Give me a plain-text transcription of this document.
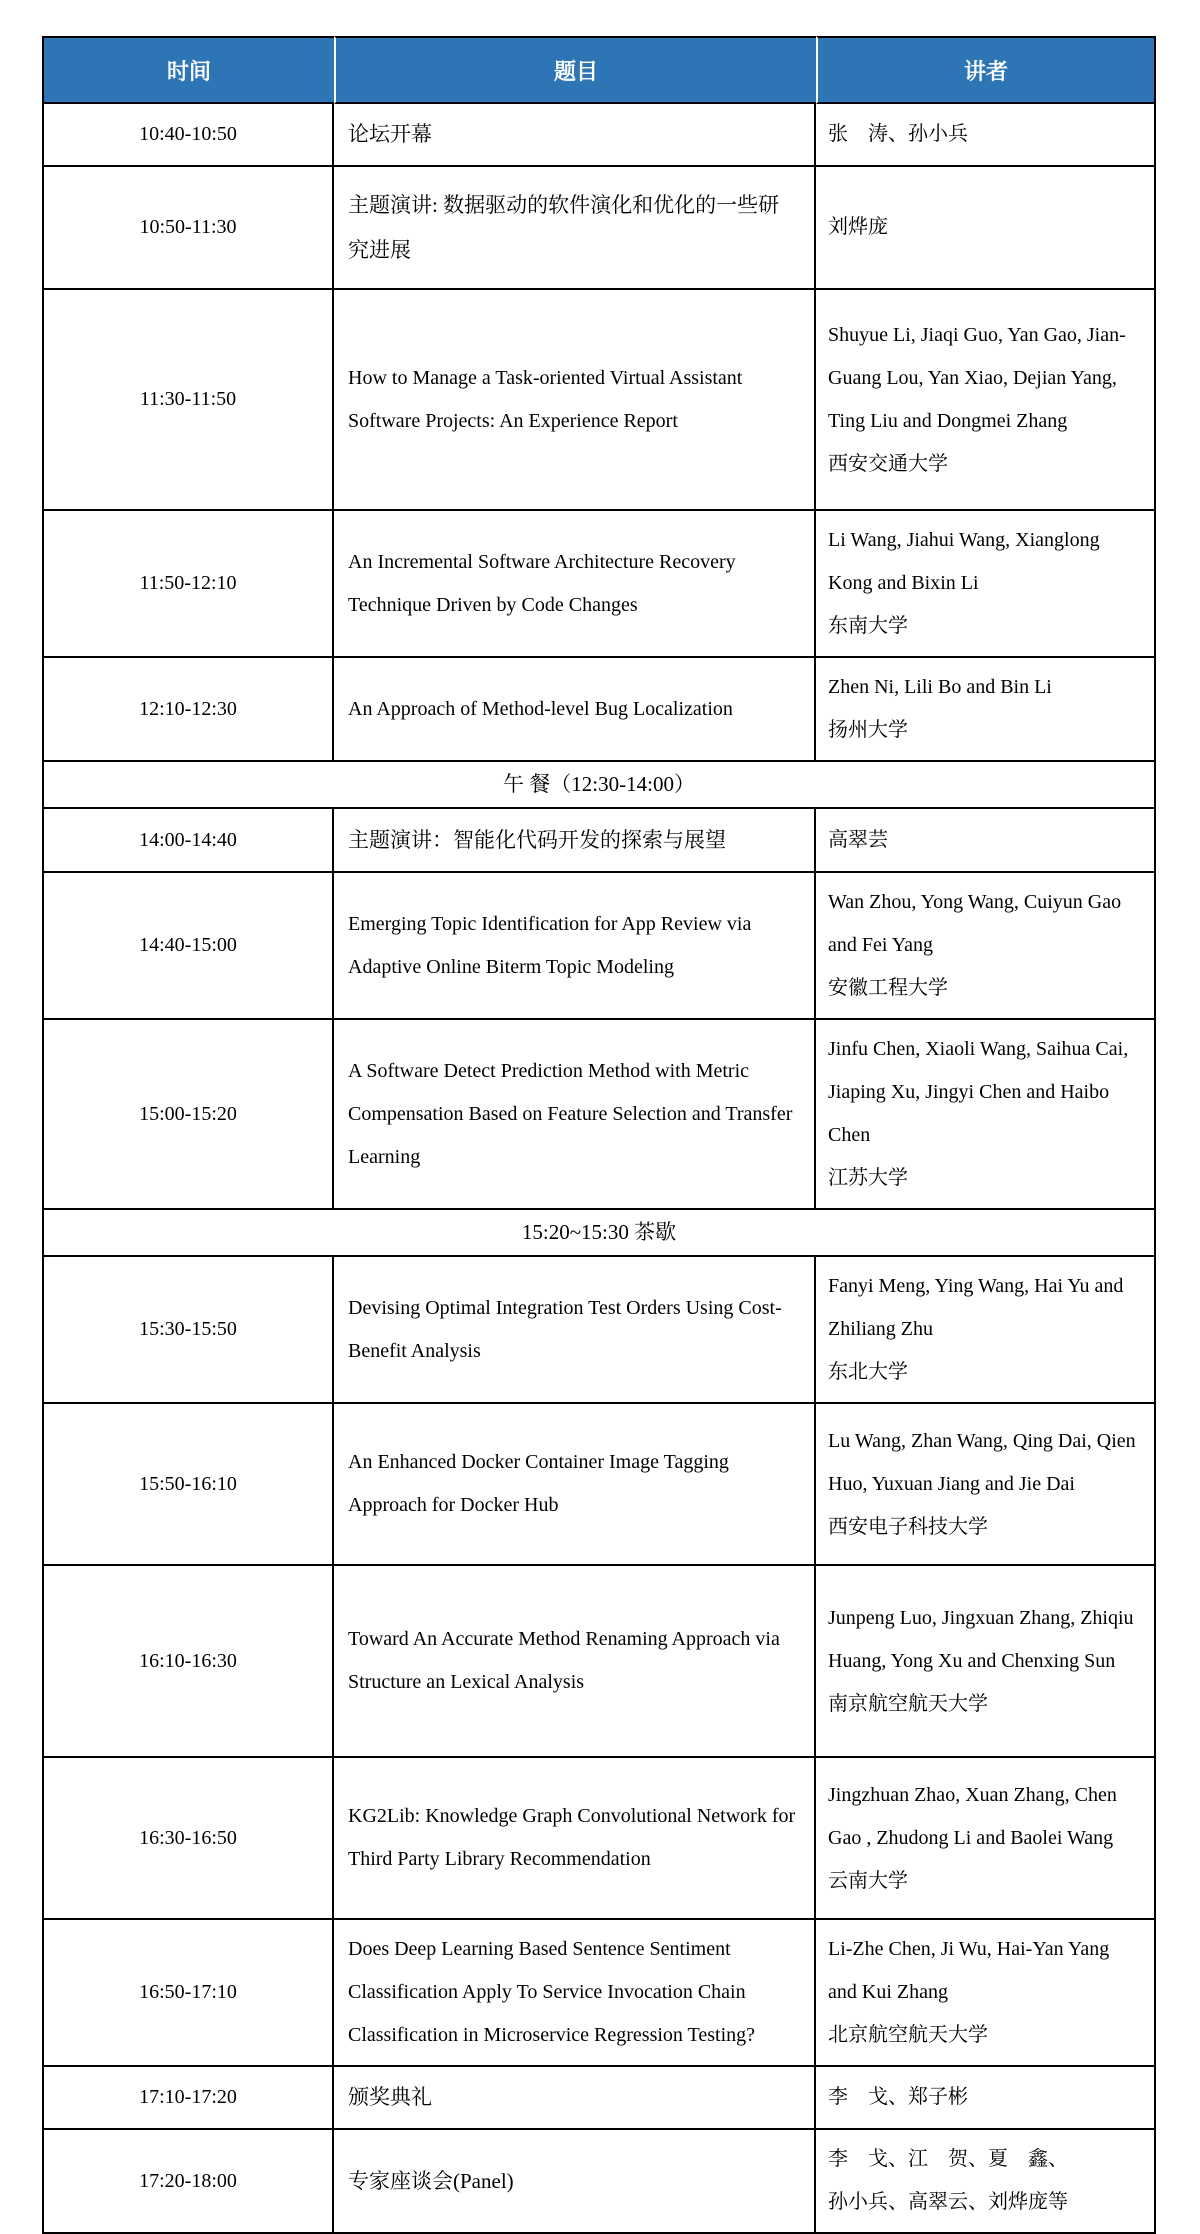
时间	题目	讲者
10:40-10:50	论坛开幕	张　涛、孙小兵

10:50-11:30	主题演讲: 数据驱动的软件演化和优化的一些研究进展	刘烨庞

11:30-11:50	How to Manage a Task-oriented Virtual Assistant Software Projects: An Experience Report	Shuyue Li, Jiaqi Guo, Yan Gao, Jian-Guang Lou, Yan Xiao, Dejian Yang, Ting Liu and Dongmei Zhang
西安交通大学

11:50-12:10	An Incremental Software Architecture Recovery Technique Driven by Code Changes	Li Wang, Jiahui Wang, Xianglong Kong and Bixin Li
东南大学

12:10-12:30	An Approach of Method-level Bug Localization	Zhen Ni, Lili Bo and Bin Li
扬州大学

午 餐（12:30-14:00）		
14:00-14:40	主题演讲：智能化代码开发的探索与展望	高翠芸

14:40-15:00	Emerging Topic Identification for App Review via Adaptive Online Biterm Topic Modeling	Wan Zhou, Yong Wang, Cuiyun Gao and Fei Yang
安徽工程大学

15:00-15:20	A Software Detect Prediction Method with Metric Compensation Based on Feature Selection and Transfer Learning	Jinfu Chen, Xiaoli Wang, Saihua Cai, Jiaping Xu, Jingyi Chen and Haibo Chen
江苏大学

15:20~15:30 茶歇		
15:30-15:50	Devising Optimal Integration Test Orders Using Cost-Benefit Analysis	Fanyi Meng, Ying Wang, Hai Yu and Zhiliang Zhu
东北大学

15:50-16:10	An Enhanced Docker Container Image Tagging Approach for Docker Hub	Lu Wang, Zhan Wang, Qing Dai, Qien Huo, Yuxuan Jiang and Jie Dai
西安电子科技大学

16:10-16:30	Toward An Accurate Method Renaming Approach via Structure an Lexical Analysis	Junpeng Luo, Jingxuan Zhang, Zhiqiu Huang, Yong Xu and Chenxing Sun
南京航空航天大学

16:30-16:50	KG2Lib: Knowledge Graph Convolutional Network for Third Party Library Recommendation	Jingzhuan Zhao, Xuan Zhang, Chen Gao , Zhudong Li and Baolei Wang
云南大学

16:50-17:10	Does Deep Learning Based Sentence Sentiment Classification Apply To Service Invocation Chain Classification in Microservice Regression Testing?	Li-Zhe Chen, Ji Wu, Hai-Yan Yang and Kui Zhang
北京航空航天大学

17:10-17:20	颁奖典礼	李　戈、郑子彬

17:20-18:00	专家座谈会(Panel)	李　戈、江　贺、夏　鑫、
孙小兵、高翠云、刘烨庞等
